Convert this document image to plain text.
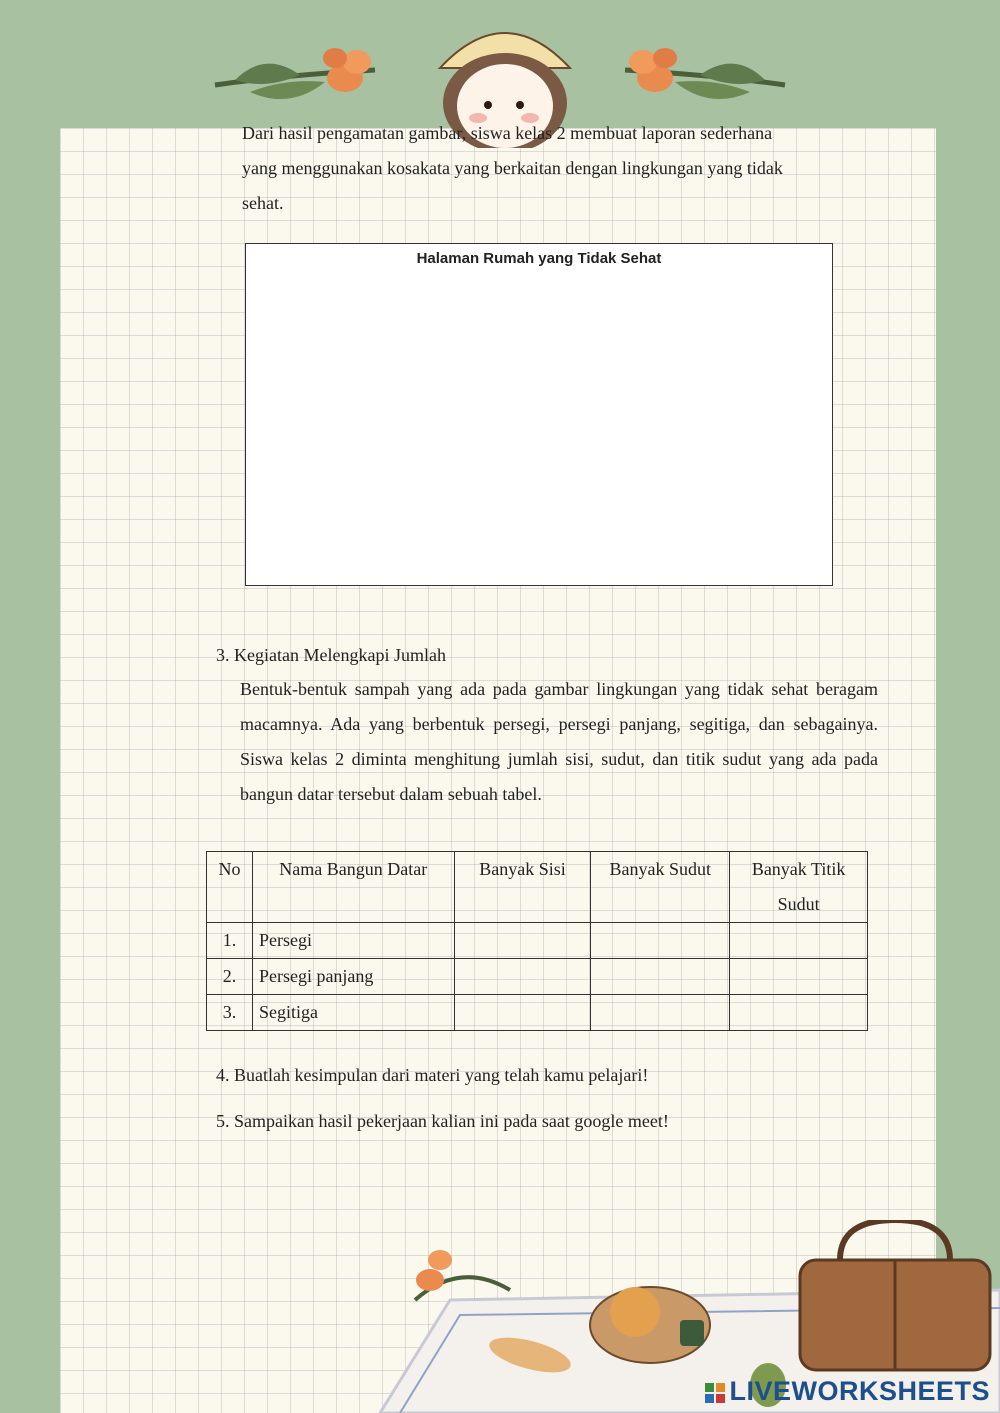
Dari hasil pengamatan gambar, siswa kelas 2 membuat laporan sederhana
yang menggunakan kosakata yang berkaitan dengan lingkungan yang tidak
sehat.
Halaman Rumah yang Tidak Sehat
3. Kegiatan Melengkapi Jumlah
Bentuk-bentuk sampah yang ada pada gambar lingkungan yang tidak sehat beragam macamnya. Ada yang berbentuk persegi, persegi panjang, segitiga, dan sebagainya. Siswa kelas 2 diminta menghitung jumlah sisi, sudut, dan titik sudut yang ada pada bangun datar tersebut dalam sebuah tabel.
No	Nama Bangun Datar	Banyak Sisi	Banyak Sudut	Banyak Titik Sudut
1.	Persegi			
2.	Persegi panjang			
3.	Segitiga			
4. Buatlah kesimpulan dari materi yang telah kamu pelajari!
5. Sampaikan hasil pekerjaan kalian ini pada saat google meet!
LIVEWORKSHEETS
